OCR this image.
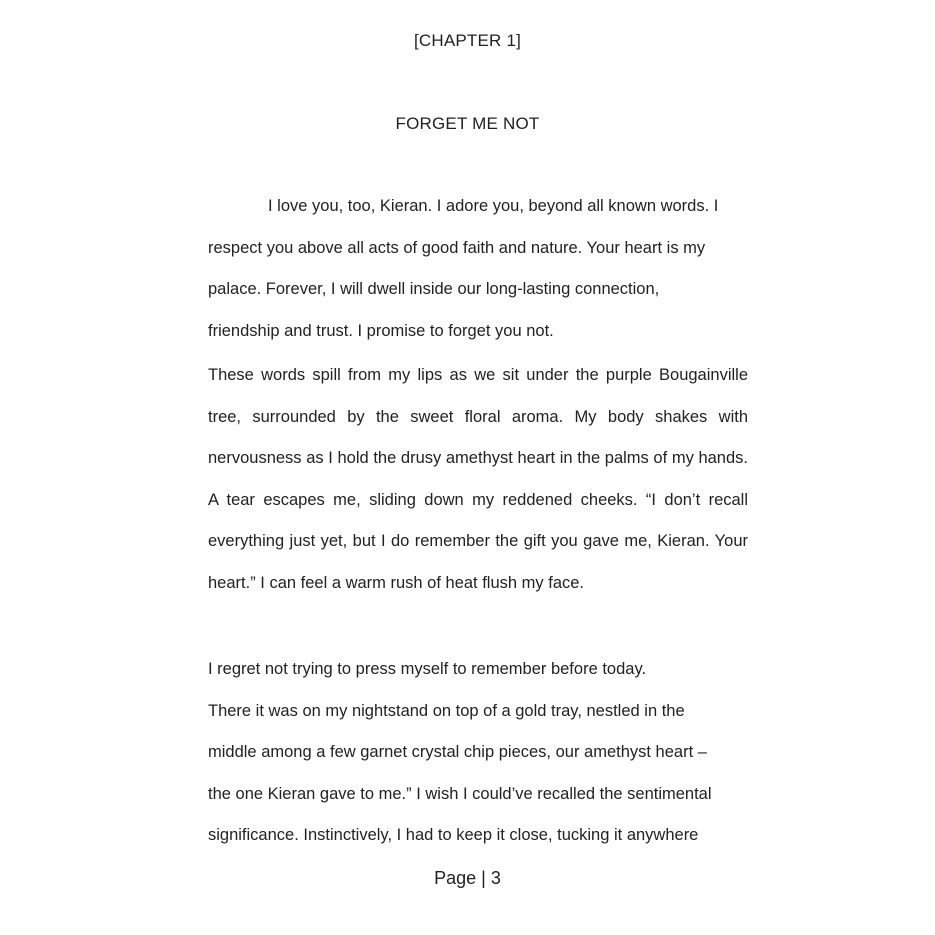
[CHAPTER 1]
FORGET ME NOT
I love you, too, Kieran. I adore you, beyond all known words. I
respect you above all acts of good faith and nature. Your heart is my
palace. Forever, I will dwell inside our long-lasting connection,
friendship and trust. I promise to forget you not.
These words spill from my lips as we sit under the purple Bougainville
tree, surrounded by the sweet floral aroma. My body shakes with
nervousness as I hold the drusy amethyst heart in the palms of my hands.
A tear escapes me, sliding down my reddened cheeks. “I don’t recall
everything just yet, but I do remember the gift you gave me, Kieran. Your
heart.” I can feel a warm rush of heat flush my face.
I regret not trying to press myself to remember before today.
There it was on my nightstand on top of a gold tray, nestled in the
middle among a few garnet crystal chip pieces, our amethyst heart –
the one Kieran gave to me.” I wish I could’ve recalled the sentimental
significance. Instinctively, I had to keep it close, tucking it anywhere
Page | 3
